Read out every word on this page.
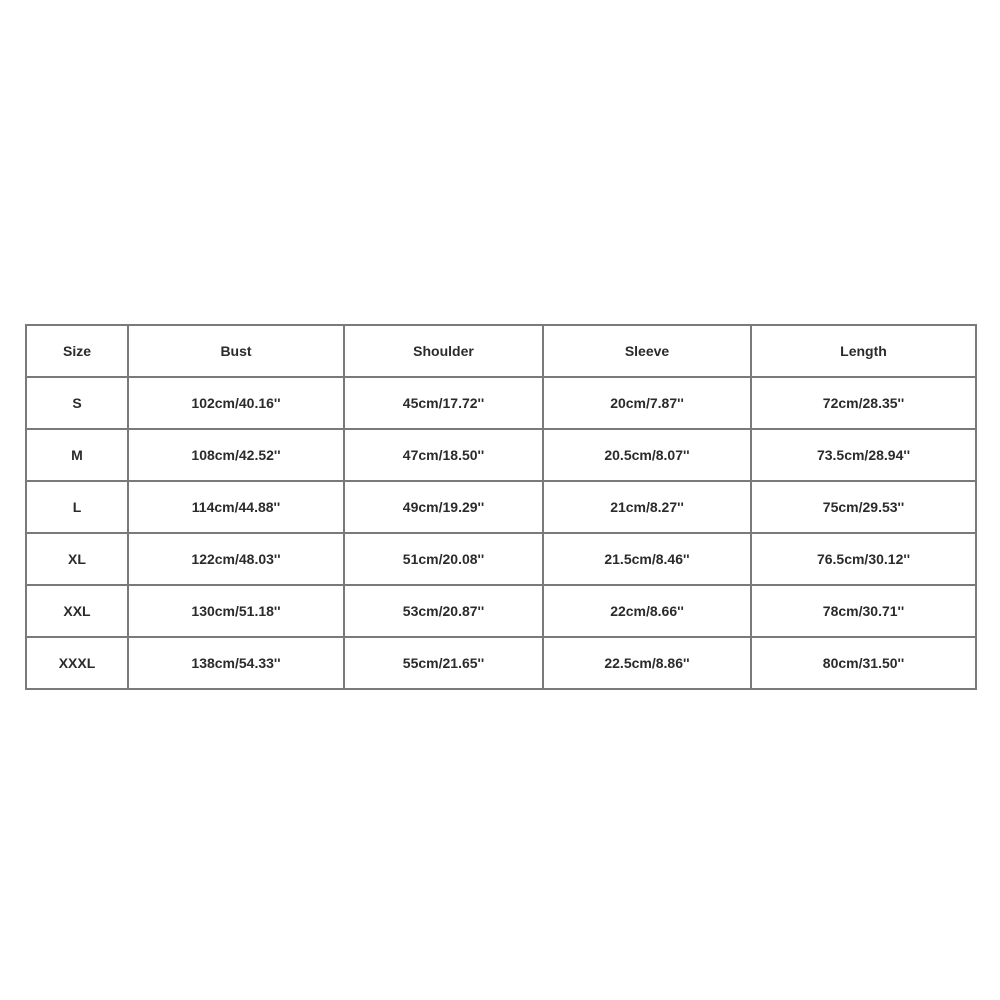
Size	Bust	Shoulder	Sleeve	Length
S	102cm/40.16''	45cm/17.72''	20cm/7.87''	72cm/28.35''
M	108cm/42.52''	47cm/18.50''	20.5cm/8.07''	73.5cm/28.94''
L	114cm/44.88''	49cm/19.29''	21cm/8.27''	75cm/29.53''
XL	122cm/48.03''	51cm/20.08''	21.5cm/8.46''	76.5cm/30.12''
XXL	130cm/51.18''	53cm/20.87''	22cm/8.66''	78cm/30.71''
XXXL	138cm/54.33''	55cm/21.65''	22.5cm/8.86''	80cm/31.50''
